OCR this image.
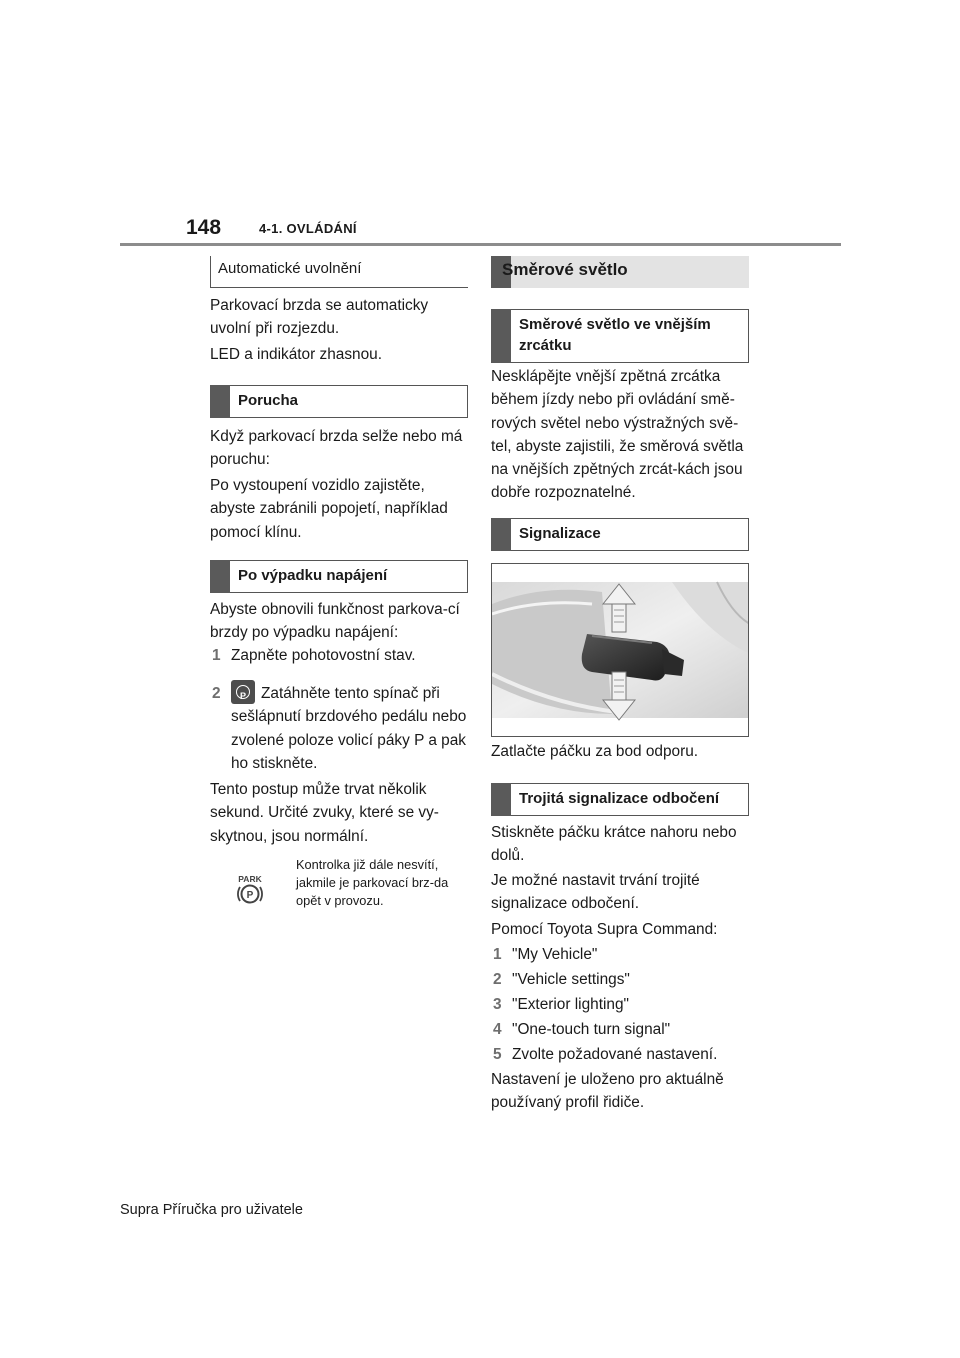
148	4-1. OVLÁDÁNÍ
Automatické uvolnění
Parkovací brzda se automaticky uvolní při rozjezdu.
LED a indikátor zhasnou.
Porucha
Když parkovací brzda selže nebo má poruchu:
Po vystoupení vozidlo zajistěte, abyste zabránili popojetí, například pomocí klínu.
Po výpadku napájení
Abyste obnovili funkčnost parkova-cí brzdy po výpadku napájení:
1 Zapněte pohotovostní stav.
2	P Zatáhněte tento spínač při sešlápnutí brzdového pedálu nebo zvolené poloze volicí páky P a pak ho stiskněte.
Tento postup může trvat několik sekund. Určité zvuky, které se vy-skytnou, jsou normální.
Kontrolka již dále nesvítí, jakmile je parkovací brz-da opět v provozu.
PARK
P
Směrové světlo
Směrové světlo ve vnějším zrcátku
Nesklápějte vnější zpětná zrcátka během jízdy nebo při ovládání smě-rových světel nebo výstražných svě-tel, abyste zajistili, že směrová světla na vnějších zpětných zrcát-kách jsou dobře rozpoznatelné.
Signalizace
Zatlačte páčku za bod odporu.
Trojitá signalizace odbočení
Stiskněte páčku krátce nahoru nebo dolů.
Je možné nastavit trvání trojité signalizace odbočení.
Pomocí Toyota Supra Command:
1 "My Vehicle"
2 "Vehicle settings"
3 "Exterior lighting"
4 "One-touch turn signal"
5 Zvolte požadované nastavení.
Nastavení je uloženo pro aktuálně používaný profil řidiče.
Supra Příručka pro uživatele
